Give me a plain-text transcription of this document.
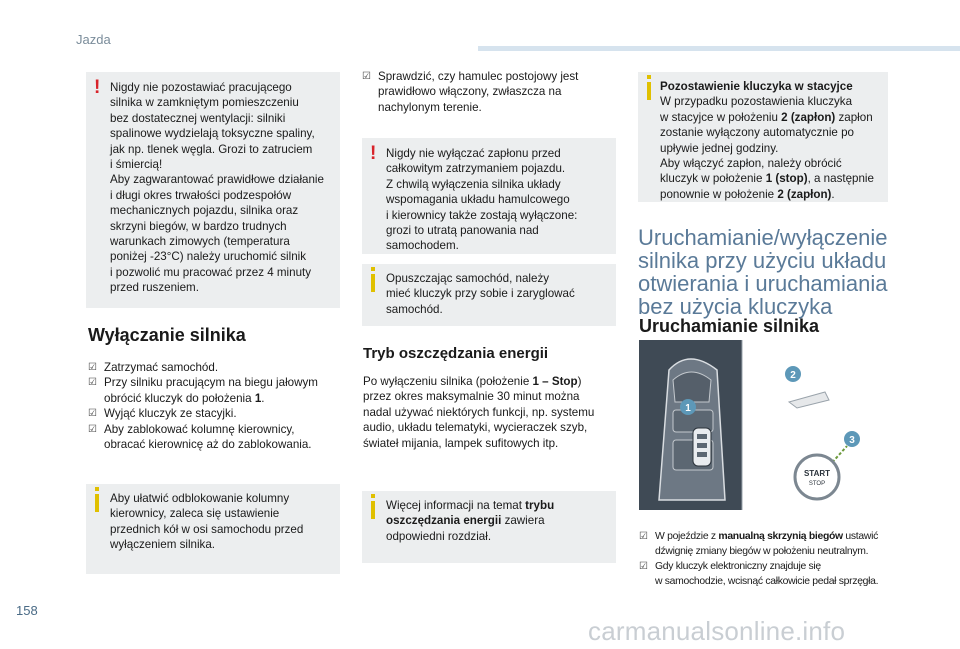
Jazda
! Nigdy nie pozostawiać pracującego
silnika w zamkniętym pomieszczeniu
bez dostatecznej wentylacji: silniki
spalinowe wydzielają toksyczne spaliny,
jak np. tlenek węgla. Grozi to zatruciem
i śmiercią!
Aby zagwarantować prawidłowe działanie
i długi okres trwałości podzespołów
mechanicznych pojazdu, silnika oraz
skrzyni biegów, w bardzo trudnych
warunkach zimowych (temperatura
poniżej -23°C) należy uruchomić silnik
i pozwolić mu pracować przez 4 minuty
przed ruszeniem.
Wyłączanie silnika
☑ Zatrzymać samochód.
☑ Przy silniku pracującym na biegu jałowym
obrócić kluczyk do położenia 1.
☑ Wyjąć kluczyk ze stacyjki.
☑ Aby zablokować kolumnę kierownicy,
obracać kierownicę aż do zablokowania.
Aby ułatwić odblokowanie kolumny
kierownicy, zaleca się ustawienie
przednich kół w osi samochodu przed
wyłączeniem silnika.
☑ Sprawdzić, czy hamulec postojowy jest
prawidłowo włączony, zwłaszcza na
nachylonym terenie.
! Nigdy nie wyłączać zapłonu przed
całkowitym zatrzymaniem pojazdu.
Z chwilą wyłączenia silnika układy
wspomagania układu hamulcowego
i kierownicy także zostają wyłączone:
grozi to utratą panowania nad
samochodem.
Opuszczając samochód, należy
mieć kluczyk przy sobie i zaryglować
samochód.
Tryb oszczędzania energii
Po wyłączeniu silnika (położenie 1 – Stop)
przez okres maksymalnie 30 minut można
nadal używać niektórych funkcji, np. systemu
audio, układu telematyki, wycieraczek szyb,
świateł mijania, lampek sufitowych itp.
Więcej informacji na temat trybu
oszczędzania energii zawiera
odpowiedni rozdział.
Pozostawienie kluczyka w stacyjce
W przypadku pozostawienia kluczyka
w stacyjce w położeniu 2 (zapłon) zapłon
zostanie wyłączony automatycznie po
upływie jednej godziny.
Aby włączyć zapłon, należy obrócić
kluczyk w położenie 1 (stop), a następnie
ponownie w położenie 2 (zapłon).
Uruchamianie/wyłączenie
silnika przy użyciu układu
otwierania i uruchamiania
bez użycia kluczyka
Uruchamianie silnika
1
2
3
START
STOP
☑ W pojeździe z manualną skrzynią biegów ustawić
dźwignię zmiany biegów w położeniu neutralnym.
☑ Gdy kluczyk elektroniczny znajduje się
w samochodzie, wcisnąć całkowicie pedał sprzęgła.
158
carmanualsonline.info
